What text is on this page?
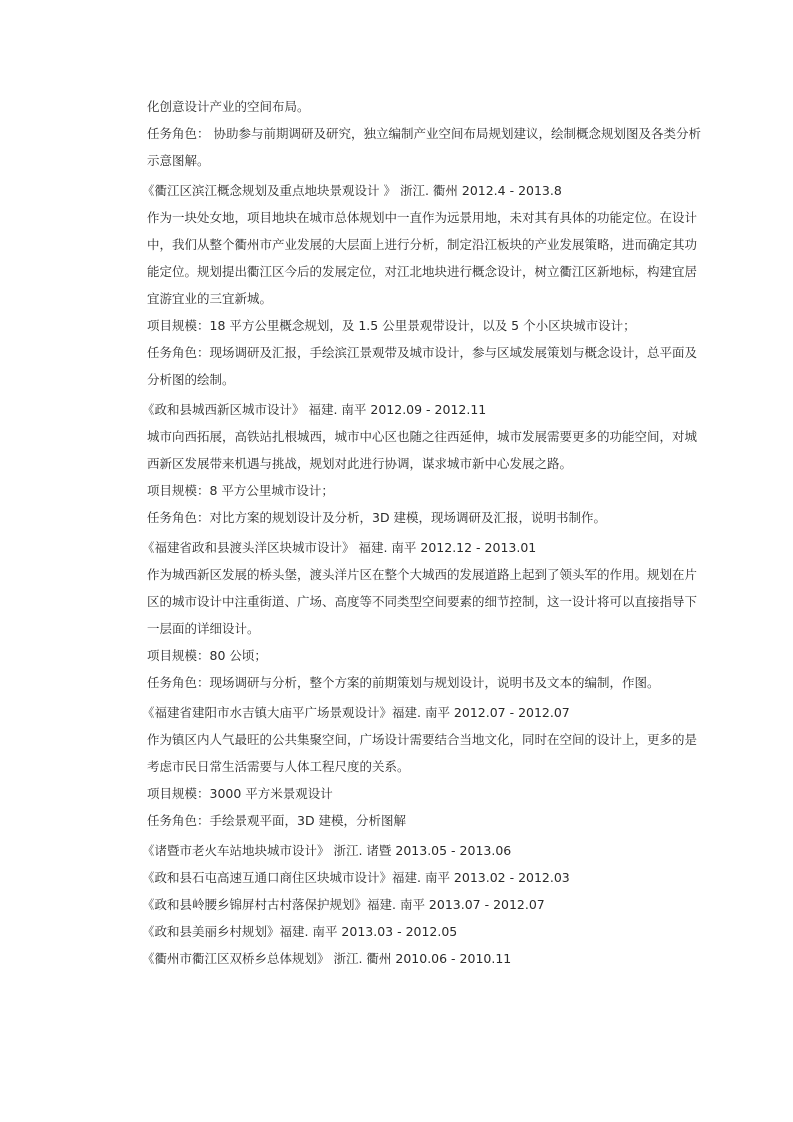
化创意设计产业的空间布局。
任务角色： 协助参与前期调研及研究，独立编制产业空间布局规划建议，绘制概念规划图及各类分析
示意图解。
《衢江区滨江概念规划及重点地块景观设计 》 浙江. 衢州 2012.4 - 2013.8
作为一块处女地，项目地块在城市总体规划中一直作为远景用地，未对其有具体的功能定位。在设计
中，我们从整个衢州市产业发展的大层面上进行分析，制定沿江板块的产业发展策略，进而确定其功
能定位。规划提出衢江区今后的发展定位，对江北地块进行概念设计，树立衢江区新地标，构建宜居
宜游宜业的三宜新城。
项目规模：18 平方公里概念规划，及 1.5 公里景观带设计，以及 5 个小区块城市设计；
任务角色：现场调研及汇报，手绘滨江景观带及城市设计，参与区域发展策划与概念设计，总平面及
分析图的绘制。
《政和县城西新区城市设计》 福建. 南平 2012.09 - 2012.11
城市向西拓展，高铁站扎根城西，城市中心区也随之往西延伸，城市发展需要更多的功能空间，对城
西新区发展带来机遇与挑战，规划对此进行协调，谋求城市新中心发展之路。
项目规模：8 平方公里城市设计；
任务角色：对比方案的规划设计及分析，3D 建模，现场调研及汇报，说明书制作。
《福建省政和县渡头洋区块城市设计》 福建. 南平 2012.12 - 2013.01
作为城西新区发展的桥头堡，渡头洋片区在整个大城西的发展道路上起到了领头军的作用。规划在片
区的城市设计中注重街道、广场、高度等不同类型空间要素的细节控制，这一设计将可以直接指导下
一层面的详细设计。
项目规模：80 公顷；
任务角色：现场调研与分析，整个方案的前期策划与规划设计，说明书及文本的编制，作图。
《福建省建阳市水吉镇大庙平广场景观设计》福建. 南平 2012.07 - 2012.07
作为镇区内人气最旺的公共集聚空间，广场设计需要结合当地文化，同时在空间的设计上，更多的是
考虑市民日常生活需要与人体工程尺度的关系。
项目规模：3000 平方米景观设计
任务角色：手绘景观平面，3D 建模，分析图解
《诸暨市老火车站地块城市设计》 浙江. 诸暨 2013.05 - 2013.06
《政和县石屯高速互通口商住区块城市设计》福建. 南平 2013.02 - 2012.03
《政和县岭腰乡锦屏村古村落保护规划》福建. 南平 2013.07 - 2012.07
《政和县美丽乡村规划》福建. 南平 2013.03 - 2012.05
《衢州市衢江区双桥乡总体规划》 浙江. 衢州 2010.06 - 2010.11
